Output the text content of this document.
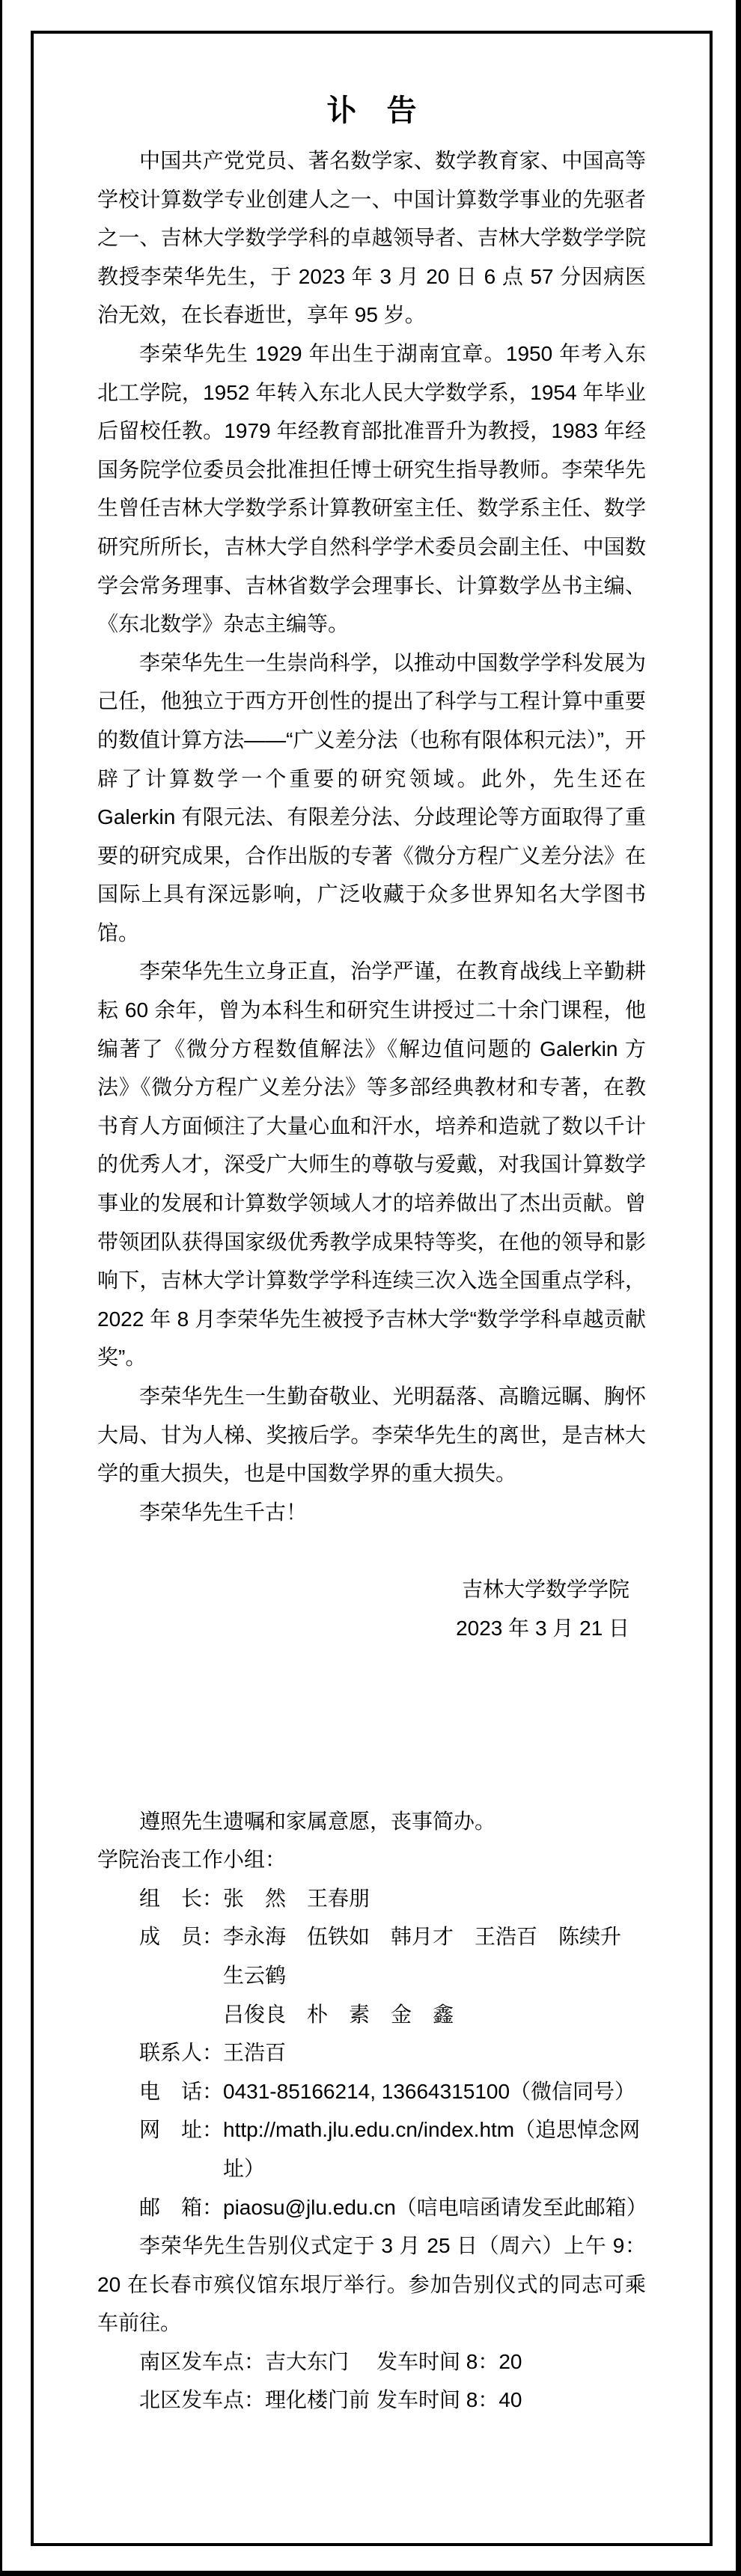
讣　告

中国共产党党员、著名数学家、数学教育家、中国高等学校计算数学专业创建人之一、中国计算数学事业的先驱者之一、吉林大学数学学科的卓越领导者、吉林大学数学学院教授李荣华先生，于 2023 年 3 月 20 日 6 点 57 分因病医治无效，在长春逝世，享年 95 岁。

李荣华先生 1929 年出生于湖南宜章。1950 年考入东北工学院，1952 年转入东北人民大学数学系，1954 年毕业后留校任教。1979 年经教育部批准晋升为教授，1983 年经国务院学位委员会批准担任博士研究生指导教师。李荣华先生曾任吉林大学数学系计算教研室主任、数学系主任、数学研究所所长，吉林大学自然科学学术委员会副主任、中国数学会常务理事、吉林省数学会理事长、计算数学丛书主编、《东北数学》杂志主编等。

李荣华先生一生崇尚科学，以推动中国数学学科发展为己任，他独立于西方开创性的提出了科学与工程计算中重要的数值计算方法——“广义差分法（也称有限体积元法）”，开辟了计算数学一个重要的研究领域。此外，先生还在 Galerkin 有限元法、有限差分法、分歧理论等方面取得了重要的研究成果，合作出版的专著《微分方程广义差分法》在国际上具有深远影响，广泛收藏于众多世界知名大学图书馆。

李荣华先生立身正直，治学严谨，在教育战线上辛勤耕耘 60 余年，曾为本科生和研究生讲授过二十余门课程，他编著了《微分方程数值解法》《解边值问题的 Galerkin 方法》《微分方程广义差分法》等多部经典教材和专著，在教书育人方面倾注了大量心血和汗水，培养和造就了数以千计的优秀人才，深受广大师生的尊敬与爱戴，对我国计算数学事业的发展和计算数学领域人才的培养做出了杰出贡献。曾带领团队获得国家级优秀教学成果特等奖，在他的领导和影响下，吉林大学计算数学学科连续三次入选全国重点学科，2022 年 8 月李荣华先生被授予吉林大学“数学学科卓越贡献奖”。

李荣华先生一生勤奋敬业、光明磊落、高瞻远瞩、胸怀大局、甘为人梯、奖掖后学。李荣华先生的离世，是吉林大学的重大损失，也是中国数学界的重大损失。

李荣华先生千古！

吉林大学数学学院
2023 年 3 月 21 日

遵照先生遗嘱和家属意愿，丧事简办。

学院治丧工作小组：

组　长： 张　然　王春朋
成　员： 李永海　伍铁如　韩月才　王浩百　陈续升　生云鹤
吕俊良　朴　素　金　鑫
联系人： 王浩百
电　话： 0431-85166214, 13664315100（微信同号）
网　址： http://math.jlu.edu.cn/index.htm（追思悼念网址）
邮　箱： piaosu@jlu.edu.cn（唁电唁函请发至此邮箱）

李荣华先生告别仪式定于 3 月 25 日（周六）上午 9：20 在长春市殡仪馆东垠厅举行。参加告别仪式的同志可乘车前往。

南区发车点：吉大东门	发车时间 8：20
北区发车点：理化楼门前 发车时间 8：40
